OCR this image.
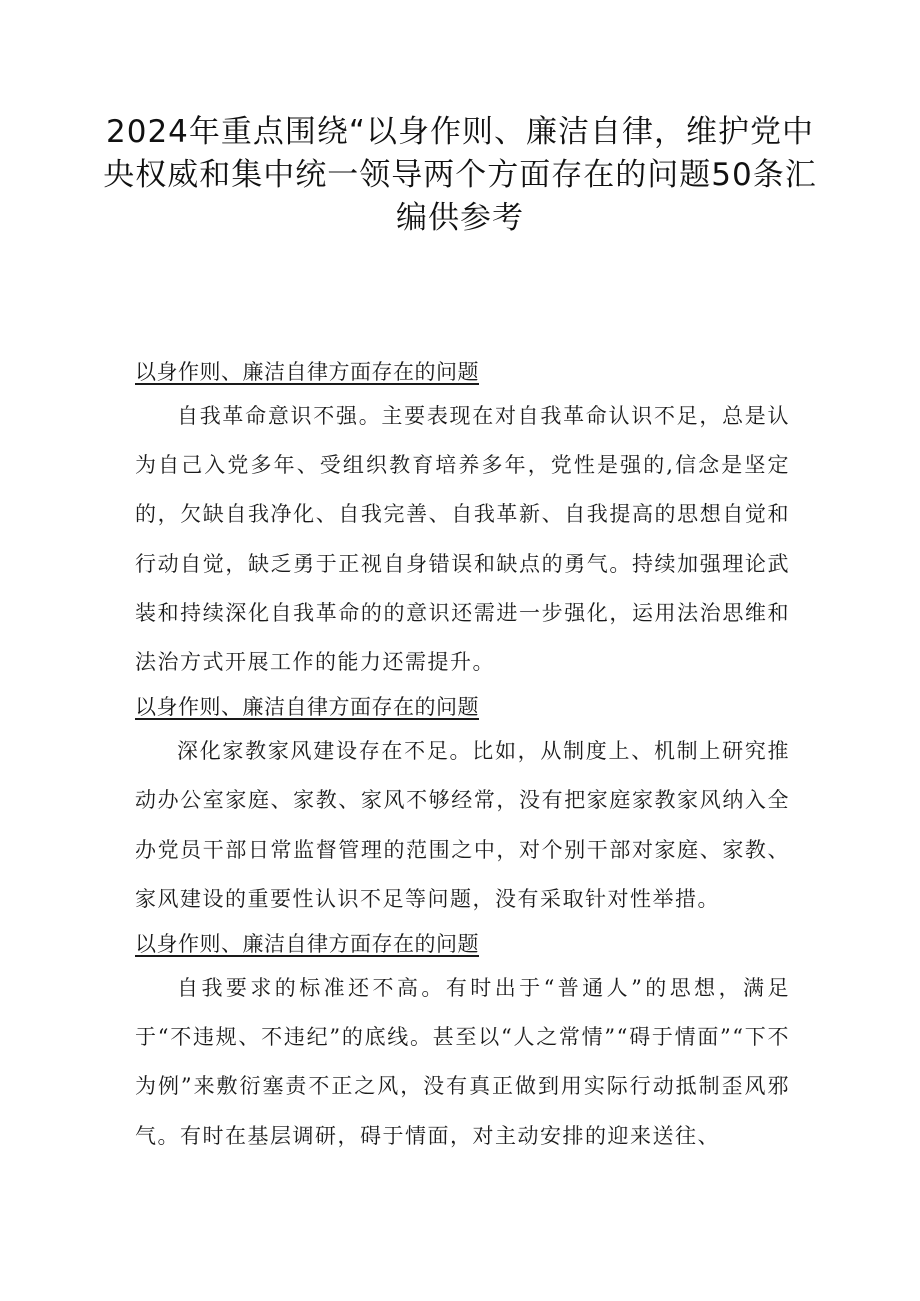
2024年重点围绕“以身作则、廉洁自律，维护党中央权威和集中统一领导两个方面存在的问题50条汇编供参考

以身作则、廉洁自律方面存在的问题

自我革命意识不强。主要表现在对自我革命认识不足，总是认为自己入党多年、受组织教育培养多年，党性是强的,信念是坚定的，欠缺自我净化、自我完善、自我革新、自我提高的思想自觉和行动自觉，缺乏勇于正视自身错误和缺点的勇气。持续加强理论武装和持续深化自我革命的的意识还需进一步强化，运用法治思维和法治方式开展工作的能力还需提升。

以身作则、廉洁自律方面存在的问题

深化家教家风建设存在不足。比如，从制度上、机制上研究推动办公室家庭、家教、家风不够经常，没有把家庭家教家风纳入全办党员干部日常监督管理的范围之中，对个别干部对家庭、家教、家风建设的重要性认识不足等问题，没有采取针对性举措。

以身作则、廉洁自律方面存在的问题

自我要求的标准还不高。有时出于“普通人”的思想，满足于“不违规、不违纪”的底线。甚至以“人之常情”“碍于情面”“下不为例”来敷衍塞责不正之风，没有真正做到用实际行动抵制歪风邪气。有时在基层调研，碍于情面，对主动安排的迎来送往、
